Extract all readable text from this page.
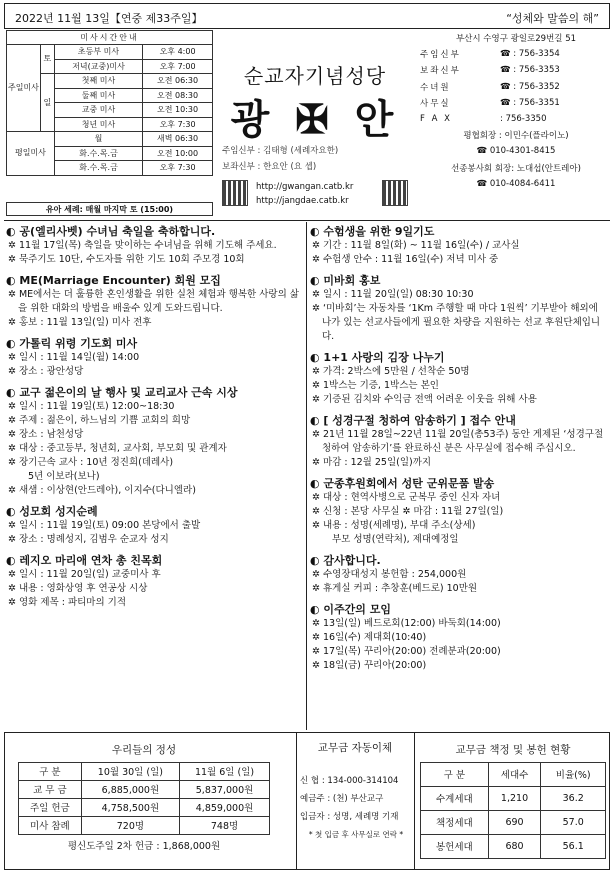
2022년 11월 13일【연중 제33주일】	“성체와 말씀의 해”
미사시간안내
주일미사	토	초등부 미사	오후 4:00
		저녁(교중)미사	오후 7:00
	일	첫째 미사	오전 06:30
		둘째 미사	오전 08:30
		교중 미사	오전 10:30
		청년 미사	오후 7:30
평일미사		월	새벽 06:30
		화.수.목.금	오전 10:00
		화.수.목.금	오후 7:30
유아 세례: 매월 마지막 토 (15:00)
순교자기념성당
광 ✠ 안
주임신부 : 김태형 (세례자요한)
보좌신부 : 한요안 (요 셉)
http://gwangan.catb.kr
http://jangdae.catb.kr
부산시 수영구 광일로29번길 51
주임신부	☎ : 756-3354
보좌신부	☎ : 756-3353
수녀원	☎ : 756-3352
사무실	☎ : 756-3351
F A X	: 756-3350
평협회장 : 이민수(플라이노)
☎ 010-4301-8415
선종봉사회 회장: 노대섭(안트레아)
☎ 010-4084-6411
◐ 공(엘리사벳) 수녀님 축일을 축하합니다.
✲ 11월 17일(목) 축일을 맞이하는 수녀님을 위해 기도해 주세요.
✲ 묵주기도 10단, 수도자를 위한 기도 10회 주모경 10회
◐ ME(Marriage Encounter) 회원 모집
✲ ME에서는 더 훌륭한 혼인생활을 위한 실천 체험과 행복한 사랑의 삶을 위한 대화의 방법을 배울수 있게 도와드립니다.
✲ 홍보 : 11월 13일(일) 미사 전후
◐ 가톨릭 위령 기도회 미사
✲ 일시 : 11월 14일(월) 14:00
✲ 장소 : 광안성당
◐ 교구 젊은이의 날 행사 및 교리교사 근속 시상
✲ 일시 : 11월 19일(토) 12:00~18:30
✲ 주제 : 젊은이, 하느님의 기쁨 교회의 희망
✲ 장소 : 남천성당
✲ 대상 : 중고등부, 청년회, 교사회, 부모회 및 관계자
✲ 장기근속 교사 : 10년 정진희(데레사)
5년 이보라(보나)
✲ 새샘 : 이상현(안드레아), 이지수(다니엘라)
◐ 성모회 성지순례
✲ 일시 : 11월 19일(토) 09:00 본당에서 출발
✲ 장소 : 명례성지, 김범우 순교자 성지
◐ 레지오 마리애 연차 총 친목회
✲ 일시 : 11월 20일(일) 교중미사 후
✲ 내용 : 영화상영 후 연공상 시상
✲ 영화 제목 : 파티마의 기적
◐ 수험생을 위한 9일기도
✲ 기간 : 11월 8일(화) ~ 11월 16일(수) / 교사실
✲ 수험생 안수 : 11월 16일(수) 저녁 미사 중
◐ 미바회 홍보
✲ 일시 : 11월 20일(일) 08:30 10:30
✲ ‘미바회’는 자동차를 ‘1Km 주행할 때 마다 1원씩’ 기부받아 해외에 나가 있는 선교사들에게 필요한 차량을 지원하는 선교 후원단체입니다.
◐ 1+1 사랑의 김장 나누기
✲ 가격: 2박스에 5만원 / 선착순 50명
✲ 1박스는 기증, 1박스는 본인
✲ 기증된 김치와 수익금 전액 어려운 이웃을 위해 사용
◐ [ 성경구절 청하여 암송하기 ] 접수 안내
✲ 21년 11월 28일~22년 11월 20일(총53주) 동안 게제된 ‘성경구절 청하여 암송하기’를 완료하신 분은 사무실에 접수해 주십시오.
✲ 마감 : 12월 25일(일)까지
◐ 군종후원회에서 성탄 군위문품 발송
✲ 대상 : 현역사병으로 군복무 중인 신자 자녀
✲ 신청 : 본당 사무실 ✲ 마감 : 11월 27일(일)
✲ 내용 : 성명(세례명), 부대 주소(상세)
부모 성명(연락처), 제대예정일
◐ 감사합니다.
✲ 수영장대성지 봉헌함 : 254,000원
✲ 휴게실 커피 : 추창훈(베드로) 10만원
◐ 이주간의 모임
✲ 13일(일) 베드로회(12:00) 바둑회(14:00)
✲ 16일(수) 제대회(10:40)
✲ 17일(목) 꾸리아(20:00) 전례분과(20:00)
✲ 18일(금) 꾸리아(20:00)
우리들의 정성		
구 분	10월 30일 (일)	11월 6일 (일)
교 무 금	6,885,000원	5,837,000원
주일 헌금	4,758,500원	4,859,000원
미사 참례	720명	748명
평신도주일 2차 헌금 : 1,868,000원		
교무금 자동이체
신 협 : 134-000-314104
예금주 : (천) 부산교구
입금자 : 성명, 세례명 기재
* 첫 입금 후 사무실로 연락 *
교무금 책정 및 봉헌 현황		
구 분	세대수	비율(%)
수계세대	1,210	36.2
책정세대	690	57.0
봉헌세대	680	56.1
